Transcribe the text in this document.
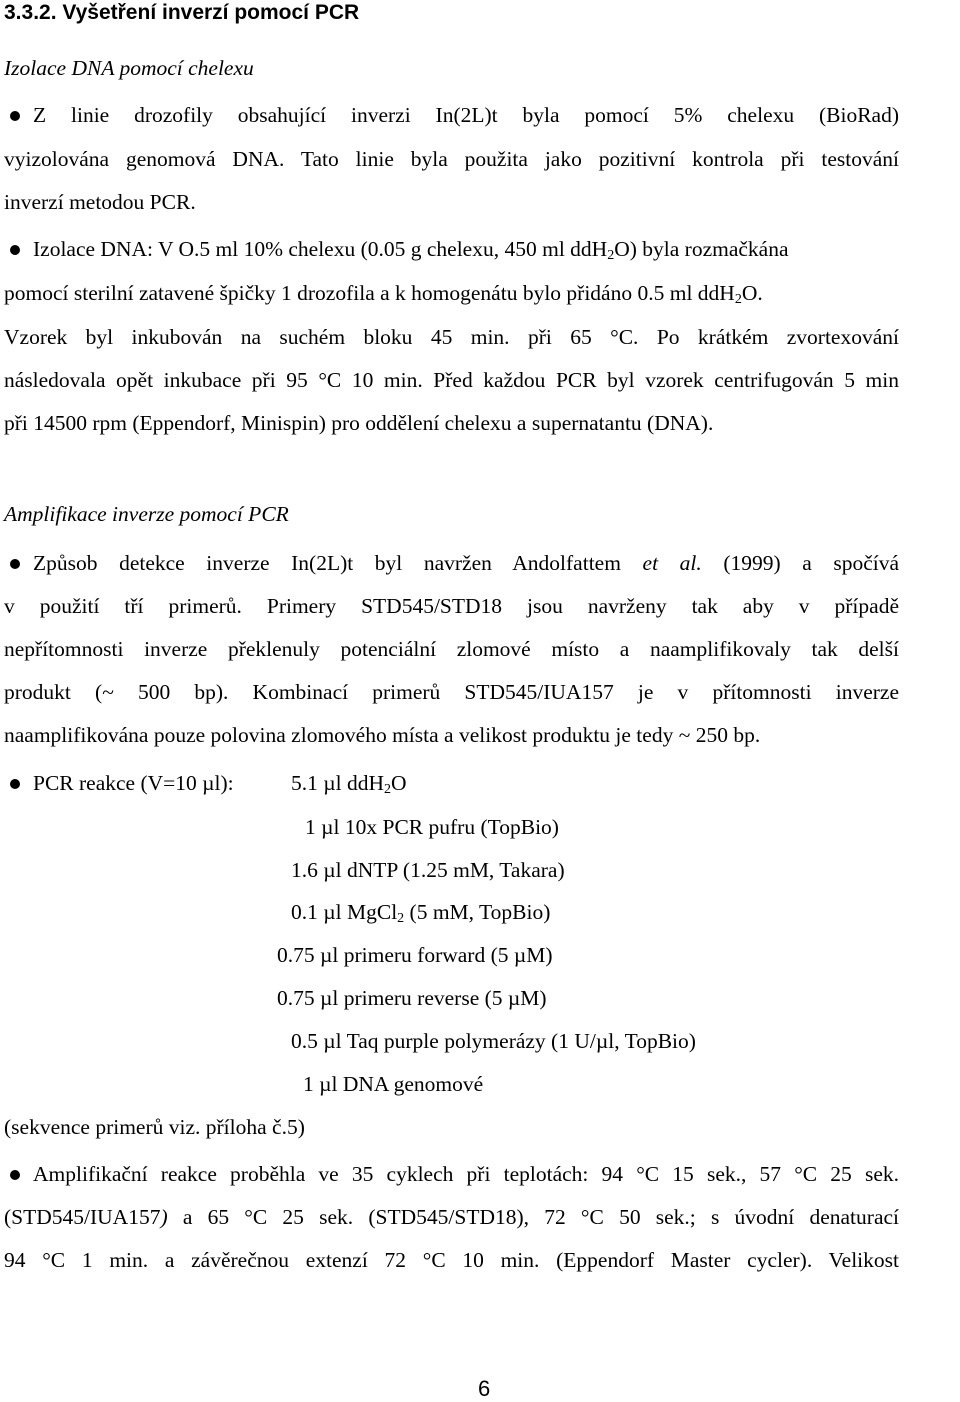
3.3.2. Vyšetření inverzí pomocí PCR
Izolace DNA pomocí chelexu
Z linie drozofily obsahující inverzi In(2L)t byla pomocí 5% chelexu (BioRad)
vyizolována genomová DNA. Tato linie byla použita jako pozitivní kontrola při testování
inverzí metodou PCR.
Izolace DNA: V O.5 ml 10% chelexu (0.05 g chelexu, 450 ml ddH$_2$O) byla rozmačkána
pomocí sterilní zatavené špičky 1 drozofila a k homogenátu bylo přidáno 0.5 ml ddH$_2$O.
Vzorek byl inkubován na suchém bloku 45 min. při 65 °C. Po krátkém zvortexování
následovala opět inkubace při 95 °C 10 min. Před každou PCR byl vzorek centrifugován 5 min
při 14500 rpm (Eppendorf, Minispin) pro oddělení chelexu a supernatantu (DNA).
Amplifikace inverze pomocí PCR
Způsob detekce inverze In(2L)t byl navržen Andolfattem et al. (1999) a spočívá
v použití tří primerů. Primery STD545/STD18 jsou navrženy tak aby v případě
nepřítomnosti inverze překlenuly potenciální zlomové místo a naamplifikovaly tak delší
produkt (~ 500 bp). Kombinací primerů STD545/IUA157 je v přítomnosti inverze
naamplifikována pouze polovina zlomového místa a velikost produktu je tedy ~ 250 bp.
PCR reakce (V=10 µl):	5.1 µl ddH$_2$O
1 µl 10x PCR pufru (TopBio)
1.6 µl dNTP (1.25 mM, Takara)
0.1 µl MgCl$_2$ (5 mM, TopBio)
0.75 µl primeru forward (5 µM)
0.75 µl primeru reverse (5 µM)
0.5 µl Taq purple polymerázy (1 U/µl, TopBio)
1 µl DNA genomové
(sekvence primerů viz. příloha č.5)
Amplifikační reakce proběhla ve 35 cyklech při teplotách: 94 °C 15 sek., 57 °C 25 sek.
(STD545/IUA157) a 65 °C 25 sek. (STD545/STD18), 72 °C 50 sek.; s úvodní denaturací
94 °C 1 min. a závěrečnou extenzí 72 °C 10 min. (Eppendorf Master cycler). Velikost
6
